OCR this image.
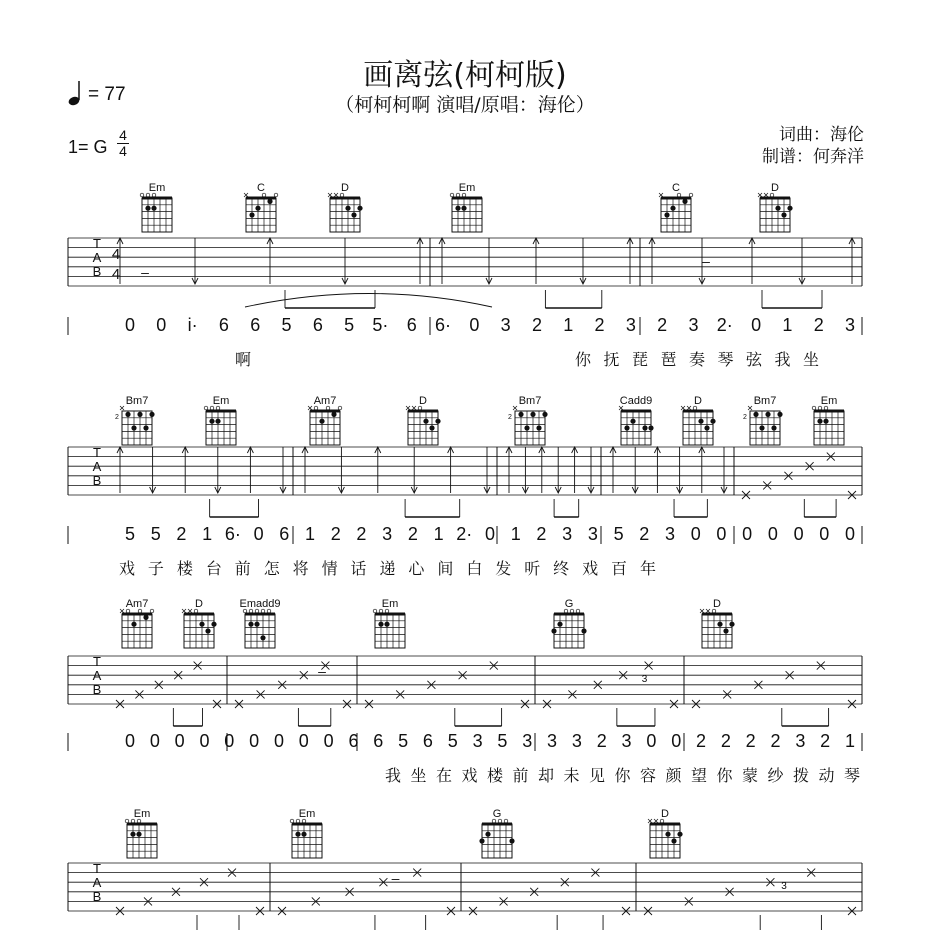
画离弦(柯柯版)
（柯柯柯啊 演唱/原唱：海伦）
= 77
1= G
4
4
词曲：海伦
制谱：何奔洋
Em	C	D	Em	C	D
T
A
B
4
4 –
–
0 0 i· 6 6 5 6 5 5· 6 6· 0 3 2 1 2 3 2 3 2· 0 1 2 3
啊	你 抚 琵 琶 奏 琴 弦 我 坐
Bm7
2
Em	Am7	D	Bm7
2
Cadd9	D	Bm7
2
Em
T
A
B
5 5 2 1 6· 0 6 1 2 2 3 2 1 2· 0 1 2 3 3 5 2 3 0 0 0 0 0 0 0
戏 子 楼 台 前 怎 将 情 话 递 心 间 白 发 听 终 戏 百 年
Am7	D	Emadd9	Em	G	D
T
A
B
–
3
0 0 0 0 0 0 0 0 0 6 6 5 6 5 3 5 3 3 3 2 3 0 0 2 2 2 2 3 2 1
我 坐 在 戏 楼 前 却 未 见 你 容 颜 望 你 蒙 纱 拨 动 琴
Em	Em	G	D
T
A
B
–
3
